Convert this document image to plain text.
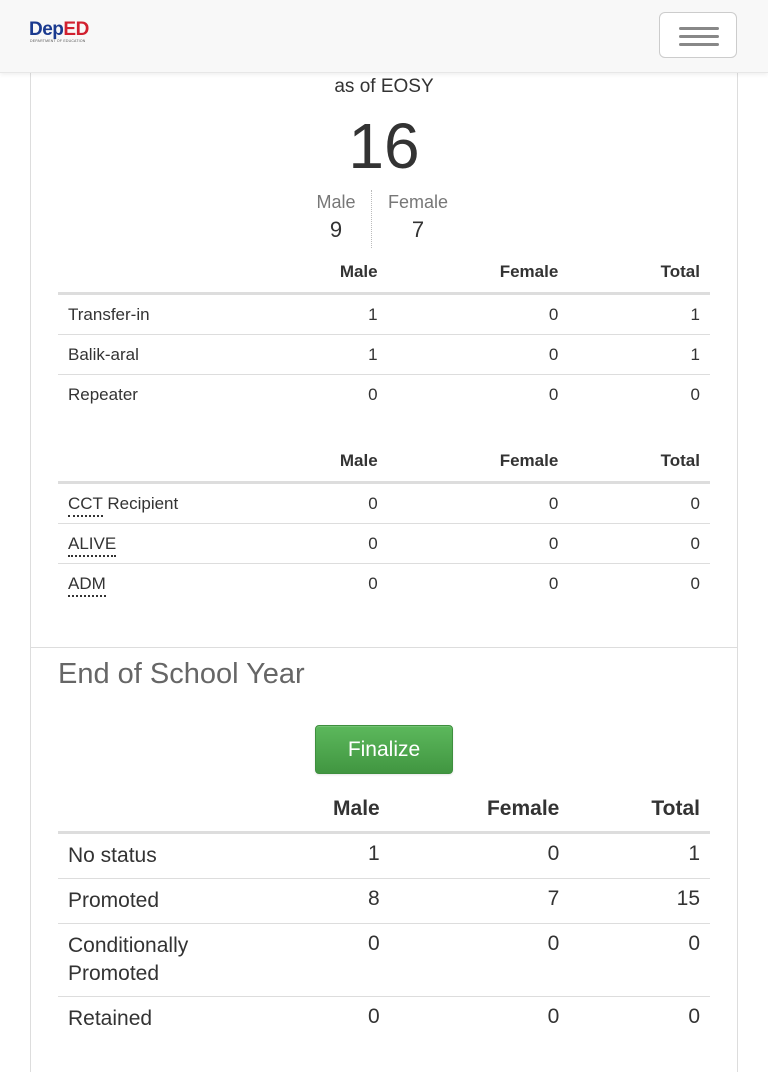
DepED
DEPARTMENT OF EDUCATION
as of EOSY
16
Male	Female
9	7
	Male	Female	Total
Transfer-in	1	0	1
Balik-aral	1	0	1
Repeater	0	0	0
	Male	Female	Total
CCT Recipient	0	0	0
ALIVE	0	0	0
ADM	0	0	0
End of School Year
Finalize
	Male	Female	Total
No status	1	0	1
Promoted	8	7	15

Conditionally
Promoted	0	0	0
Retained	0	0	0
